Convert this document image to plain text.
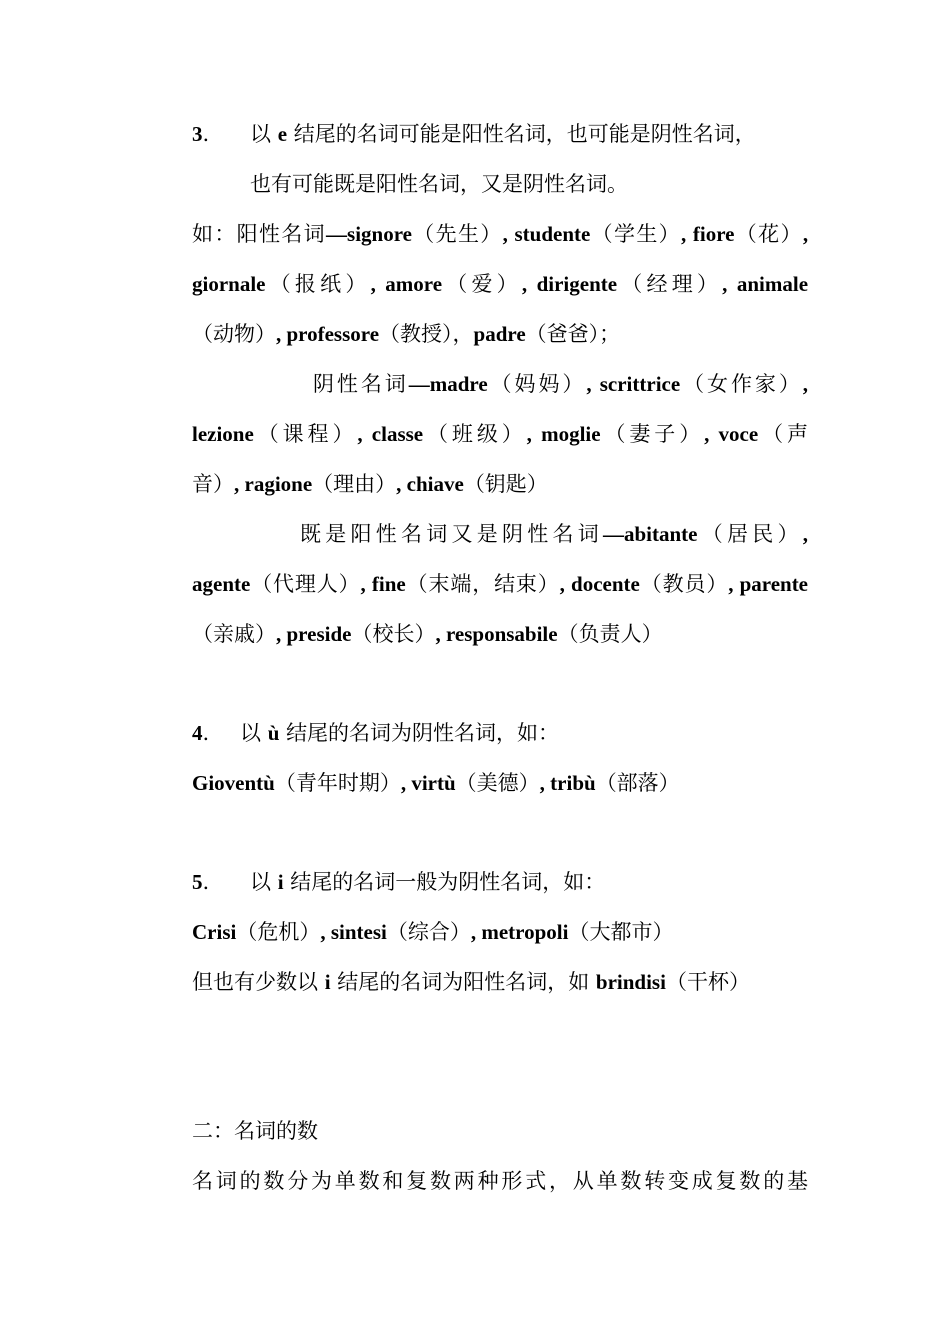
3. 以 e 结尾的名词可能是阳性名词，也可能是阴性名词，
也有可能既是阳性名词，又是阴性名词。
如：阳性名词—signore（先生）, studente（学生）, fiore（花）,
giornale（报纸）, amore（爱）, dirigente（经理）, animale
（动物）, professore（教授），padre（爸爸）；
阴性名词—madre（妈妈）, scrittrice（女作家）,
lezione（课程）, classe（班级）, moglie（妻子）, voce（声
音）, ragione（理由）, chiave（钥匙）
既是阳性名词又是阴性名词—abitante（居民）,
agente（代理人）, fine（末端，结束）, docente（教员）, parente
（亲戚）, preside（校长）, responsabile（负责人）
4. 以 ù 结尾的名词为阴性名词，如：
Gioventù（青年时期）, virtù（美德）, tribù（部落）
5. 以 i 结尾的名词一般为阴性名词，如：
Crisi（危机）, sintesi（综合）, metropoli（大都市）
但也有少数以 i 结尾的名词为阳性名词，如 brindisi（干杯）
二：名词的数
名词的数分为单数和复数两种形式，从单数转变成复数的基
